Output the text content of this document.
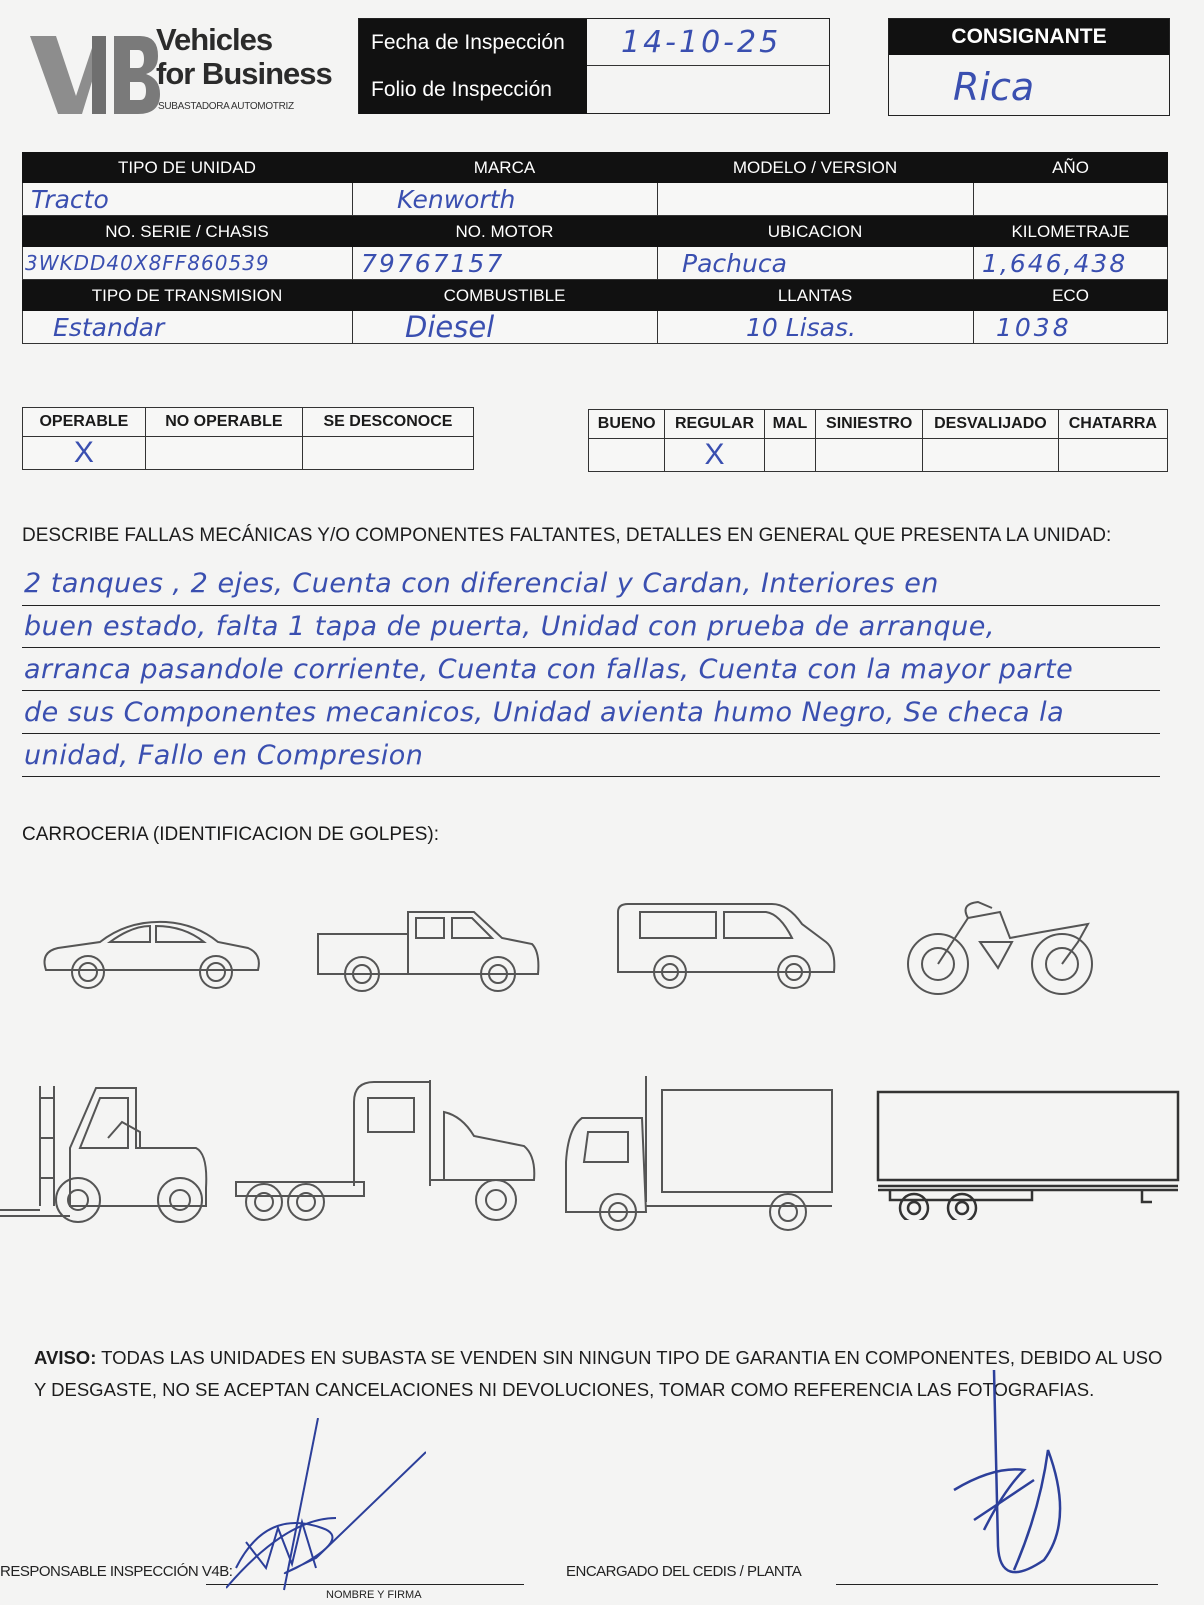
Vehicles
for Business
SUBASTADORA AUTOMOTRIZ
Fecha de Inspección	14-10-25
Folio de Inspección
CONSIGNANTE
Rica
TIPO DE UNIDAD	MARCA	MODELO / VERSION	AÑO
Tracto	Kenworth
NO. SERIE / CHASIS	NO. MOTOR	UBICACION	KILOMETRAJE
3WKDD40X8FF860539	79767157	Pachuca	1,646,438
TIPO DE TRANSMISION	COMBUSTIBLE	LLANTAS	ECO
Estandar	Diesel	10 Lisas.	1038
OPERABLE	NO OPERABLE	SE DESCONOCE
X		
BUENO	REGULAR	MAL	SINIESTRO	DESVALIJADO	CHATARRA
	X				
DESCRIBE FALLAS MECÁNICAS Y/O COMPONENTES FALTANTES, DETALLES EN GENERAL QUE PRESENTA LA UNIDAD:
2 tanques , 2 ejes, Cuenta con diferencial y Cardan, Interiores en
buen estado, falta 1 tapa de puerta, Unidad con prueba de arranque,
arranca pasandole corriente, Cuenta con fallas, Cuenta con la mayor parte
de sus Componentes mecanicos, Unidad avienta humo Negro, Se checa la
unidad, Fallo en Compresion
CARROCERIA (IDENTIFICACION DE GOLPES):
AVISO: TODAS LAS UNIDADES EN SUBASTA SE VENDEN SIN NINGUN TIPO DE GARANTIA EN COMPONENTES, DEBIDO AL USO Y DESGASTE, NO SE ACEPTAN CANCELACIONES NI DEVOLUCIONES, TOMAR COMO REFERENCIA LAS FOTOGRAFIAS.
RESPONSABLE INSPECCIÓN V4B:
NOMBRE Y FIRMA
ENCARGADO DEL CEDIS / PLANTA
